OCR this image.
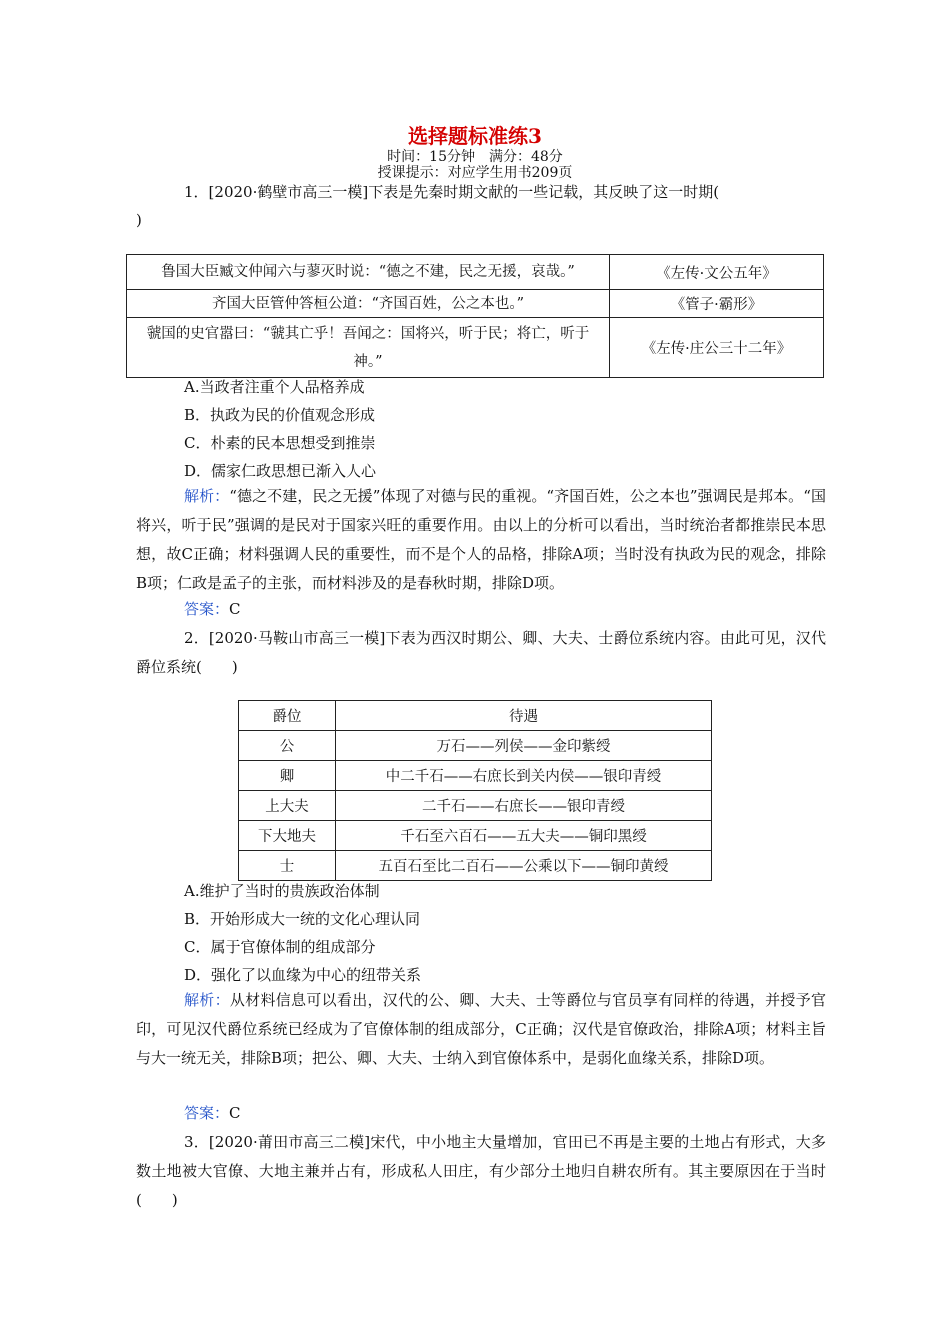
选择题标准练3
时间：15分钟　满分：48分
授课提示：对应学生用书209页
1．[2020·鹤壁市高三一模]下表是先秦时期文献的一些记载，其反映了这一时期(
)
鲁国大臣臧文仲闻六与蓼灭时说：“德之不建，民之无援，哀哉。”	《左传·文公五年》
齐国大臣管仲答桓公道：“齐国百姓，公之本也。”	《管子·霸形》
虢国的史官嚣曰：“虢其亡乎！吾闻之：国将兴，听于民；将亡，听于神。”	《左传·庄公三十二年》
A.当政者注重个人品格养成
B．执政为民的价值观念形成
C．朴素的民本思想受到推崇
D．儒家仁政思想已渐入人心
解析：“德之不建，民之无援”体现了对德与民的重视。“齐国百姓，公之本也”强调民是邦本。“国将兴，听于民”强调的是民对于国家兴旺的重要作用。由以上的分析可以看出，当时统治者都推崇民本思想，故C正确；材料强调人民的重要性，而不是个人的品格，排除A项；当时没有执政为民的观念，排除B项；仁政是孟子的主张，而材料涉及的是春秋时期，排除D项。
答案：C
2．[2020·马鞍山市高三一模]下表为西汉时期公、卿、大夫、士爵位系统内容。由此可见，汉代爵位系统(　　)
爵位	待遇
公	万石——列侯——金印紫绶
卿	中二千石——右庶长到关内侯——银印青绶
上大夫	二千石——右庶长——银印青绶
下大地夫	千石至六百石——五大夫——铜印黑绶
士	五百石至比二百石——公乘以下——铜印黄绶
A.维护了当时的贵族政治体制
B．开始形成大一统的文化心理认同
C．属于官僚体制的组成部分
D．强化了以血缘为中心的纽带关系
解析：从材料信息可以看出，汉代的公、卿、大夫、士等爵位与官员享有同样的待遇，并授予官印，可见汉代爵位系统已经成为了官僚体制的组成部分，C正确；汉代是官僚政治，排除A项；材料主旨与大一统无关，排除B项；把公、卿、大夫、士纳入到官僚体系中，是弱化血缘关系，排除D项。
答案：C
3．[2020·莆田市高三二模]宋代，中小地主大量增加，官田已不再是主要的土地占有形式，大多数土地被大官僚、大地主兼并占有，形成私人田庄，有少部分土地归自耕农所有。其主要原因在于当时(　　)
